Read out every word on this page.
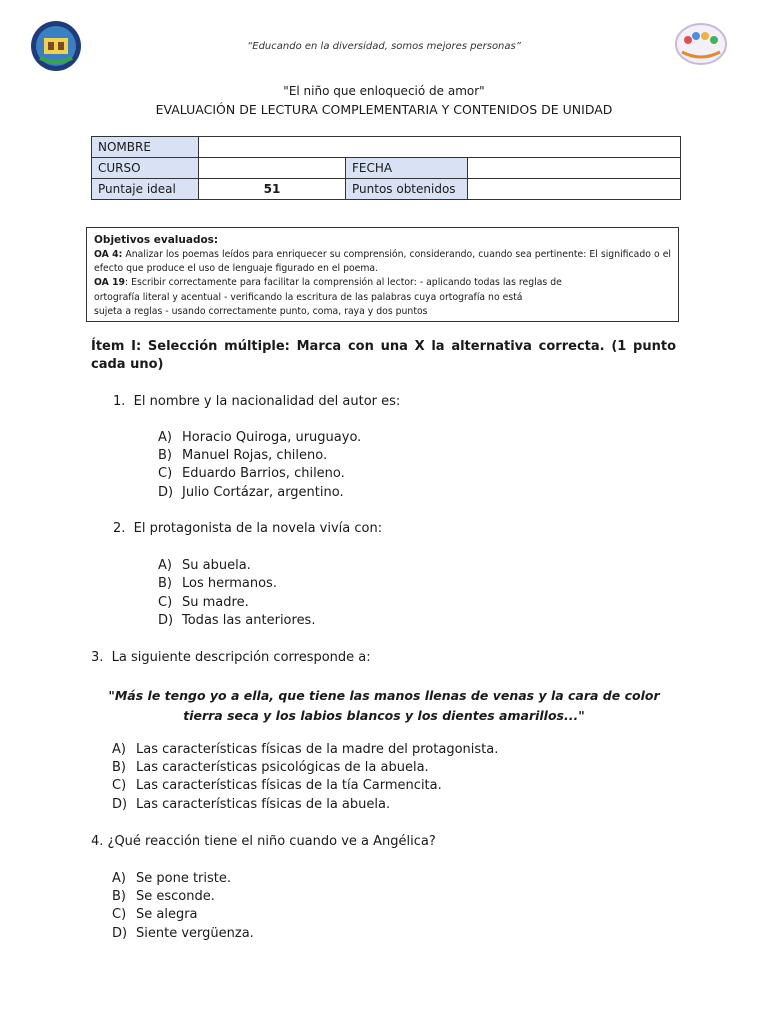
“Educando en la diversidad, somos mejores personas”
"El niño que enloqueció de amor"
EVALUACIÓN DE LECTURA COMPLEMENTARIA Y CONTENIDOS DE UNIDAD
NOMBRE			
CURSO		FECHA	
Puntaje ideal	51	Puntos obtenidos	
Objetivos evaluados:
OA 4: Analizar los poemas leídos para enriquecer su comprensión, considerando, cuando sea pertinente: El significado o el efecto que produce el uso de lenguaje figurado en el poema.
OA 19: Escribir correctamente para facilitar la comprensión al lector: - aplicando todas las reglas de
ortografía literal y acentual - verificando la escritura de las palabras cuya ortografía no está
sujeta a reglas - usando correctamente punto, coma, raya y dos puntos
Ítem I: Selección múltiple: Marca con una X la alternativa correcta. (1 punto cada uno)
1. El nombre y la nacionalidad del autor es:
A) Horacio Quiroga, uruguayo.
B) Manuel Rojas, chileno.
C) Eduardo Barrios, chileno.
D) Julio Cortázar, argentino.
2. El protagonista de la novela vivía con:
A) Su abuela.
B) Los hermanos.
C) Su madre.
D) Todas las anteriores.
3. La siguiente descripción corresponde a:
"Más le tengo yo a ella, que tiene las manos llenas de venas y la cara de color
tierra seca y los labios blancos y los dientes amarillos..."
A) Las características físicas de la madre del protagonista.
B) Las características psicológicas de la abuela.
C) Las características físicas de la tía Carmencita.
D) Las características físicas de la abuela.
4. ¿Qué reacción tiene el niño cuando ve a Angélica?
A) Se pone triste.
B) Se esconde.
C) Se alegra
D) Siente vergüenza.
